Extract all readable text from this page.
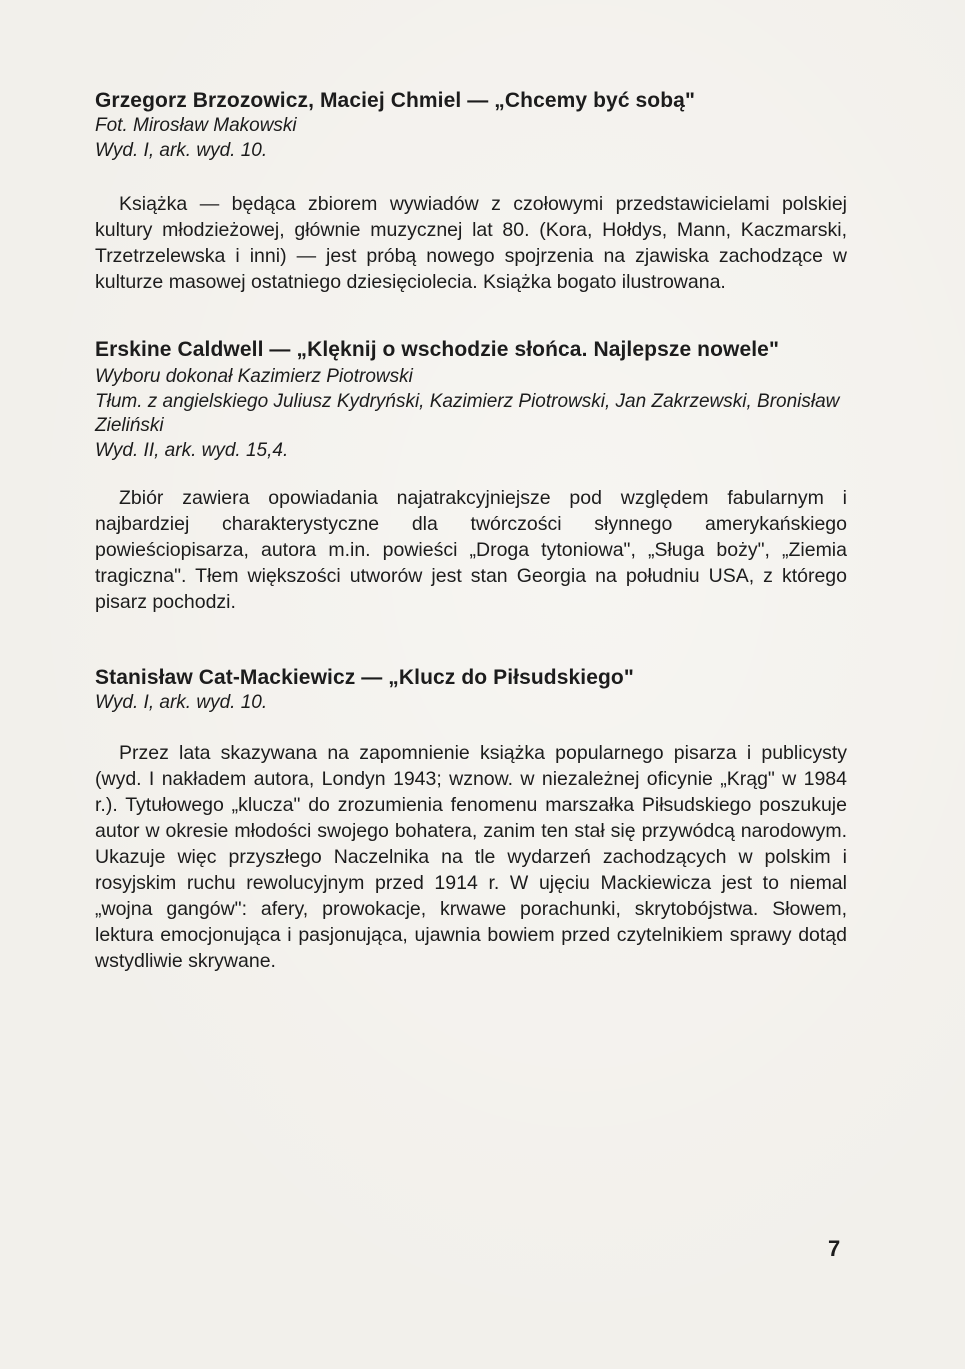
Grzegorz Brzozowicz, Maciej Chmiel — „Chcemy być sobą"

Fot. Mirosław Makowski

Wyd. I, ark. wyd. 10.

Książka — będąca zbiorem wywiadów z czołowymi przedstawicielami polskiej kultury młodzieżowej, głównie muzycznej lat 80. (Kora, Hołdys, Mann, Kaczmarski, Trzetrzelewska i inni) — jest próbą nowego spojrzenia na zjawiska zachodzące w kulturze masowej ostatniego dziesięciolecia. Książka bogato ilustrowana.

Erskine Caldwell — „Klęknij o wschodzie słońca. Najlepsze nowele"

Wyboru dokonał Kazimierz Piotrowski

Tłum. z angielskiego Juliusz Kydryński, Kazimierz Piotrowski, Jan Zakrzewski, Bronisław Zieliński

Wyd. II, ark. wyd. 15,4.

Zbiór zawiera opowiadania najatrakcyjniejsze pod względem fabularnym i najbardziej charakterystyczne dla twórczości słynnego amerykańskiego powieściopisarza, autora m.in. powieści „Droga tytoniowa", „Sługa boży", „Ziemia tragiczna". Tłem większości utworów jest stan Georgia na południu USA, z którego pisarz pochodzi.

Stanisław Cat-Mackiewicz — „Klucz do Piłsudskiego"

Wyd. I, ark. wyd. 10.

Przez lata skazywana na zapomnienie książka popularnego pisarza i publicysty (wyd. I nakładem autora, Londyn 1943; wznow. w niezależnej oficynie „Krąg" w 1984 r.). Tytułowego „klucza" do zrozumienia fenomenu marszałka Piłsudskiego poszukuje autor w okresie młodości swojego bohatera, zanim ten stał się przywódcą narodowym. Ukazuje więc przyszłego Naczelnika na tle wydarzeń zachodzących w polskim i rosyjskim ruchu rewolucyjnym przed 1914 r. W ujęciu Mackiewicza jest to niemal „wojna gangów": afery, prowokacje, krwawe porachunki, skrytobójstwa. Słowem, lektura emocjonująca i pasjonująca, ujawnia bowiem przed czytelnikiem sprawy dotąd wstydliwie skrywane.

7
